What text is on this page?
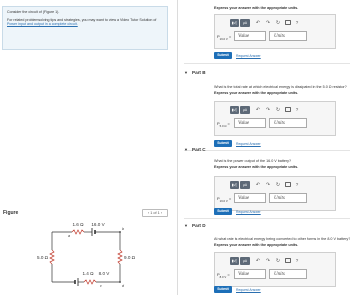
Consider the circuit of (Figure 1).

For related problemsolving tips and strategies, you may want to view a Video Tutor Solution of

Power input and output in a complete circuit.

Figure	‹ 1 of 1 ›
1.6 Ω 16.0 V
5.0 Ω	9.0 Ω
1.4 Ω 8.0 V
a
b
c	d
Express your answer with the appropriate units.
▮√▯	μA	↶	↷	↻	?
$P_{16.0 V}$ =	Value	Units
Submit	Request Answer
▼ Part B
What is the total rate at which electrical energy is dissipated in the 5.0 Ω resistor?
Express your answer with the appropriate units.
▮√▯	μA	↶	↷	↻	?
$P_{5.0 \Omega}$ =	Value	Units
Submit	Request Answer
▼ Part C
What is the power output of the 16.0 V battery?
Express your answer with the appropriate units.
▮√▯	μA	↶	↷	↻	?
$P_{16.0 V}$ =	Value	Units
Submit	Request Answer
▼ Part D
At what rate is electrical energy being converted to other forms in the 8.0 V battery?
Express your answer with the appropriate units.
▮√▯	μA	↶	↷	↻	?
$P_{8.0 V}$ =	Value	Units
Submit	Request Answer
